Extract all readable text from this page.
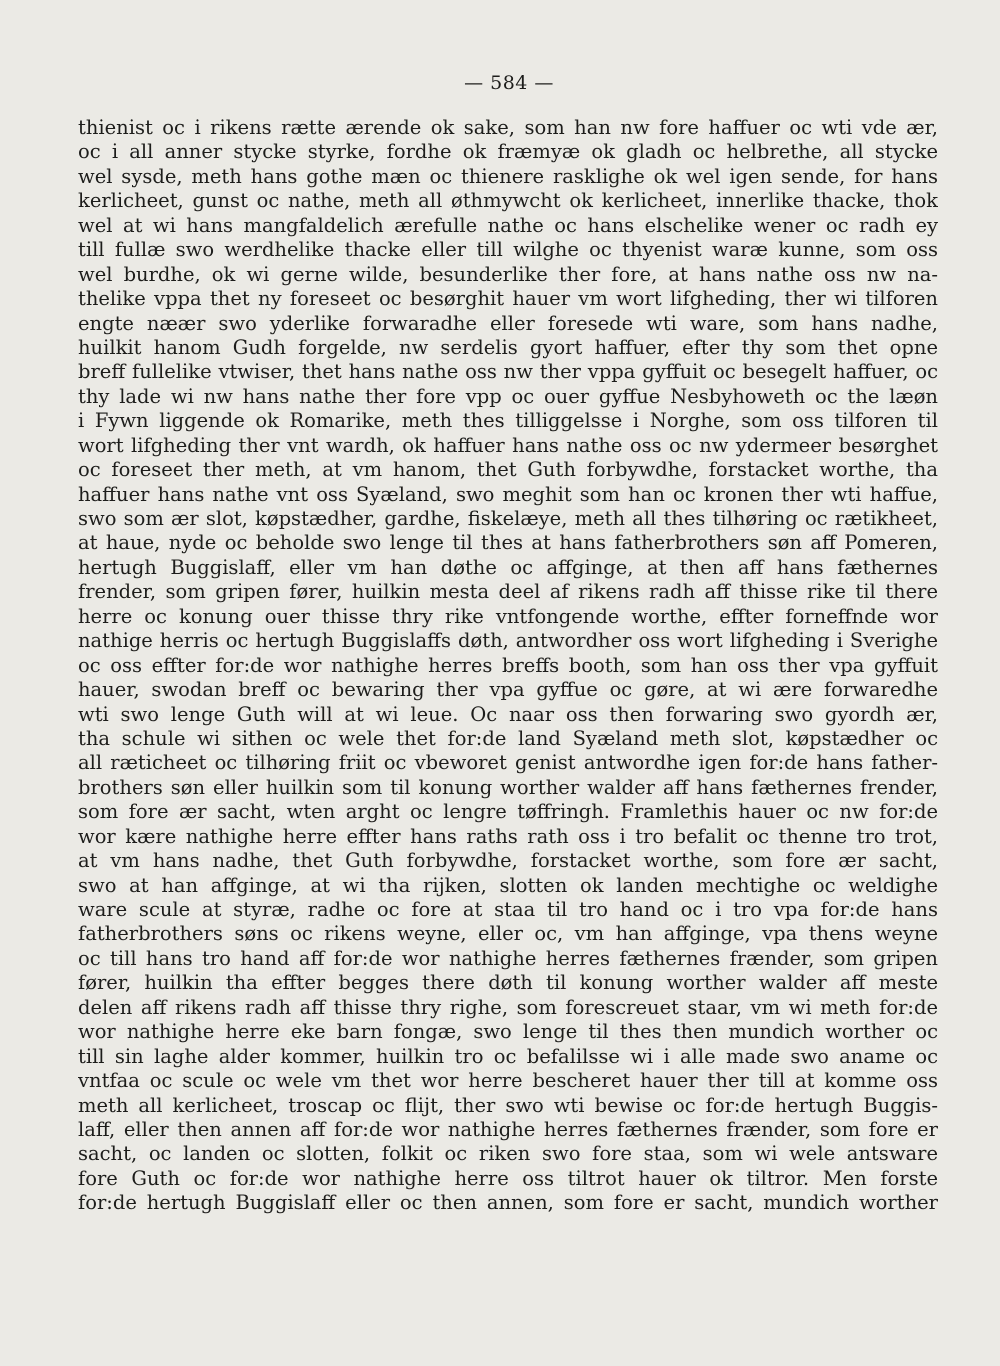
— 584 —
thienist oc i rikens rætte ærende ok sake, som han nw fore haffuer oc wti vde ær,
oc i all anner stycke styrke, fordhe ok fræmyæ ok gladh oc helbrethe, all stycke
wel sysde, meth hans gothe mæn oc thienere rasklighe ok wel igen sende, for hans
kerlicheet, gunst oc nathe, meth all øthmywcht ok kerlicheet, innerlike thacke, thok
wel at wi hans mangfaldelich ærefulle nathe oc hans elschelike wener oc radh ey
till fullæ swo werdhelike thacke eller till wilghe oc thyenist waræ kunne, som oss
wel burdhe, ok wi gerne wilde, besunderlike ther fore, at hans nathe oss nw na-
thelike vppa thet ny foreseet oc besørghit hauer vm wort lifgheding, ther wi tilforen
engte næær swo yderlike forwaradhe eller foresede wti ware, som hans nadhe,
huilkit hanom Gudh forgelde, nw serdelis gyort haffuer, efter thy som thet opne
breff fullelike vtwiser, thet hans nathe oss nw ther vppa gyffuit oc besegelt haffuer, oc
thy lade wi nw hans nathe ther fore vpp oc ouer gyffue Nesbyhoweth oc the læøn
i Fywn liggende ok Romarike, meth thes tilliggelsse i Norghe, som oss tilforen til
wort lifgheding ther vnt wardh, ok haffuer hans nathe oss oc nw ydermeer besørghet
oc foreseet ther meth, at vm hanom, thet Guth forbywdhe, forstacket worthe, tha
haffuer hans nathe vnt oss Syæland, swo meghit som han oc kronen ther wti haffue,
swo som ær slot, køpstædher, gardhe, fiskelæye, meth all thes tilhøring oc rætikheet,
at haue, nyde oc beholde swo lenge til thes at hans fatherbrothers søn aff Pomeren,
hertugh Buggislaff, eller vm han døthe oc affginge, at then aff hans fæthernes
frender, som gripen fører, huilkin mesta deel af rikens radh aff thisse rike til there
herre oc konung ouer thisse thry rike vntfongende worthe, effter forneffnde wor
nathige herris oc hertugh Buggislaffs døth, antwordher oss wort lifgheding i Sverighe
oc oss effter for:de wor nathighe herres breffs booth, som han oss ther vpa gyffuit
hauer, swodan breff oc bewaring ther vpa gyffue oc gøre, at wi ære forwaredhe
wti swo lenge Guth will at wi leue. Oc naar oss then forwaring swo gyordh ær,
tha schule wi sithen oc wele thet for:de land Syæland meth slot, køpstædher oc
all ræticheet oc tilhøring friit oc vbeworet genist antwordhe igen for:de hans father-
brothers søn eller huilkin som til konung worther walder aff hans fæthernes frender,
som fore ær sacht, wten arght oc lengre tøffringh. Framlethis hauer oc nw for:de
wor kære nathighe herre effter hans raths rath oss i tro befalit oc thenne tro trot,
at vm hans nadhe, thet Guth forbywdhe, forstacket worthe, som fore ær sacht,
swo at han affginge, at wi tha rijken, slotten ok landen mechtighe oc weldighe
ware scule at styræ, radhe oc fore at staa til tro hand oc i tro vpa for:de hans
fatherbrothers søns oc rikens weyne, eller oc, vm han affginge, vpa thens weyne
oc till hans tro hand aff for:de wor nathighe herres fæthernes frænder, som gripen
fører, huilkin tha effter begges there døth til konung worther walder aff meste
delen aff rikens radh aff thisse thry righe, som forescreuet staar, vm wi meth for:de
wor nathighe herre eke barn fongæ, swo lenge til thes then mundich worther oc
till sin laghe alder kommer, huilkin tro oc befalilsse wi i alle made swo aname oc
vntfaa oc scule oc wele vm thet wor herre bescheret hauer ther till at komme oss
meth all kerlicheet, troscap oc flijt, ther swo wti bewise oc for:de hertugh Buggis-
laff, eller then annen aff for:de wor nathighe herres fæthernes frænder, som fore er
sacht, oc landen oc slotten, folkit oc riken swo fore staa, som wi wele antsware
fore Guth oc for:de wor nathighe herre oss tiltrot hauer ok tiltror. Men forste
for:de hertugh Buggislaff eller oc then annen, som fore er sacht, mundich worther
